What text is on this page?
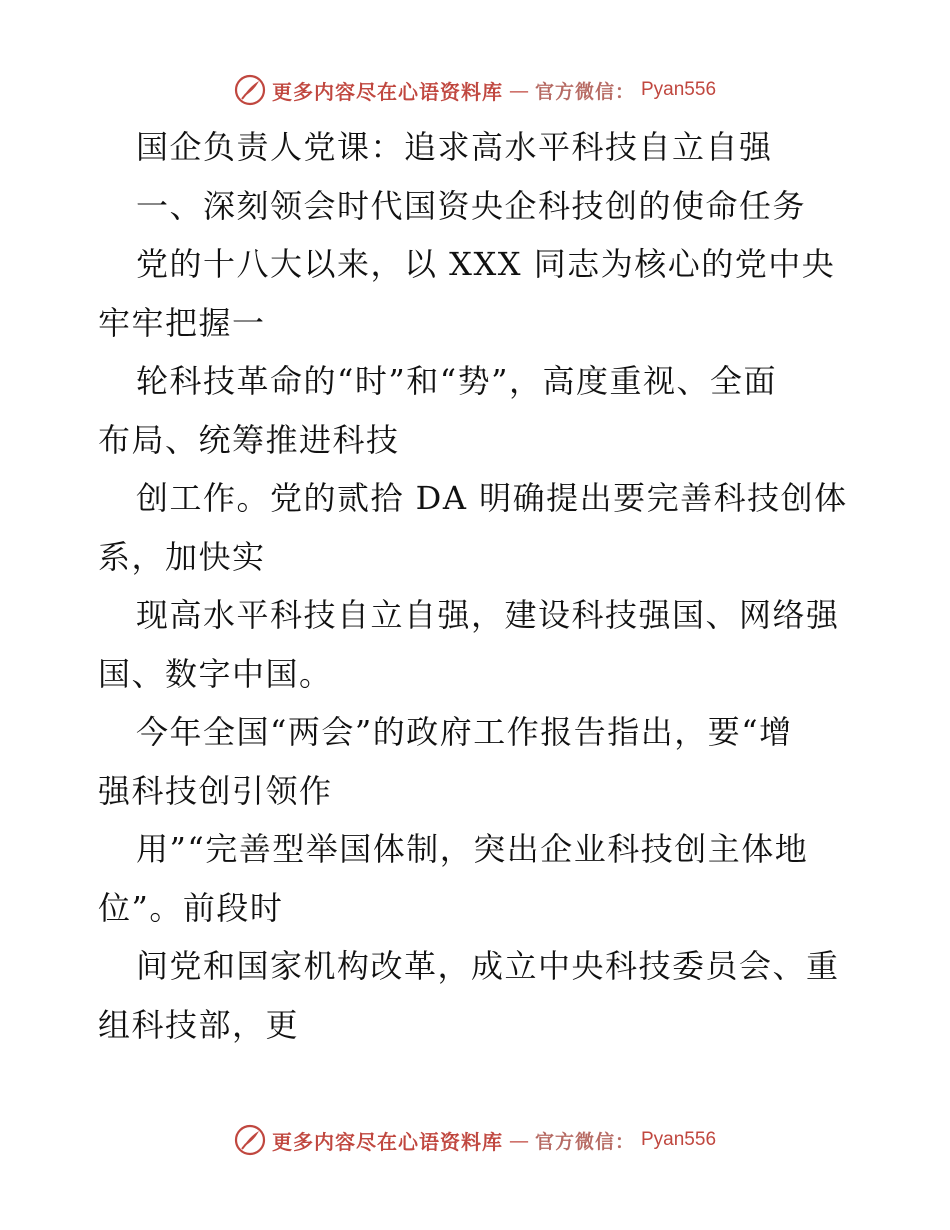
更多内容尽在心语资料库 — 官方微信： Pyan556
国企负责人党课：追求高水平科技自立自强
一、深刻领会时代国资央企科技创的使命任务
党的十八大以来，以 XXX 同志为核心的党中央
牢牢把握一
轮科技革命的“时”和“势”，高度重视、全面
布局、统筹推进科技
创工作。党的贰拾 DA 明确提出要完善科技创体
系，加快实
现高水平科技自立自强，建设科技强国、网络强
国、数字中国。
今年全国“两会”的政府工作报告指出，要“增
强科技创引领作
用”“完善型举国体制，突出企业科技创主体地
位”。前段时
间党和国家机构改革，成立中央科技委员会、重
组科技部，更
更多内容尽在心语资料库 — 官方微信： Pyan556
